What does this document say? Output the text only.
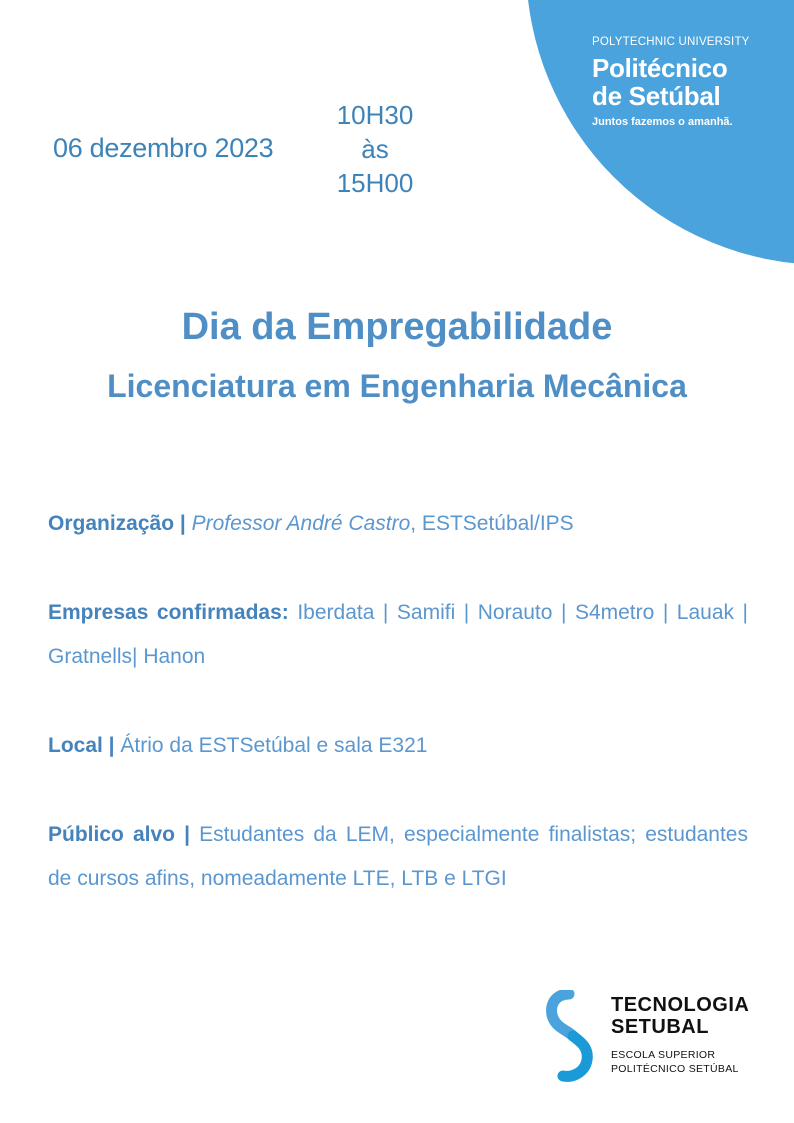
POLYTECHNIC UNIVERSITY
Politécnico
de Setúbal
Juntos fazemos o amanhã.
06 dezembro 2023
10H30
às
15H00
Dia da Empregabilidade
Licenciatura em Engenharia Mecânica
Organização | Professor André Castro, ESTSetúbal/IPS
Empresas confirmadas: Iberdata | Samifi | Norauto | S4metro | Lauak | Gratnells| Hanon
Local | Átrio da ESTSetúbal e sala E321
Público alvo | Estudantes da LEM, especialmente finalistas; estudantes de cursos afins, nomeadamente LTE, LTB e LTGI
TECNOLOGIA
SETUBAL
ESCOLA SUPERIOR
POLITÉCNICO SETÚBAL
